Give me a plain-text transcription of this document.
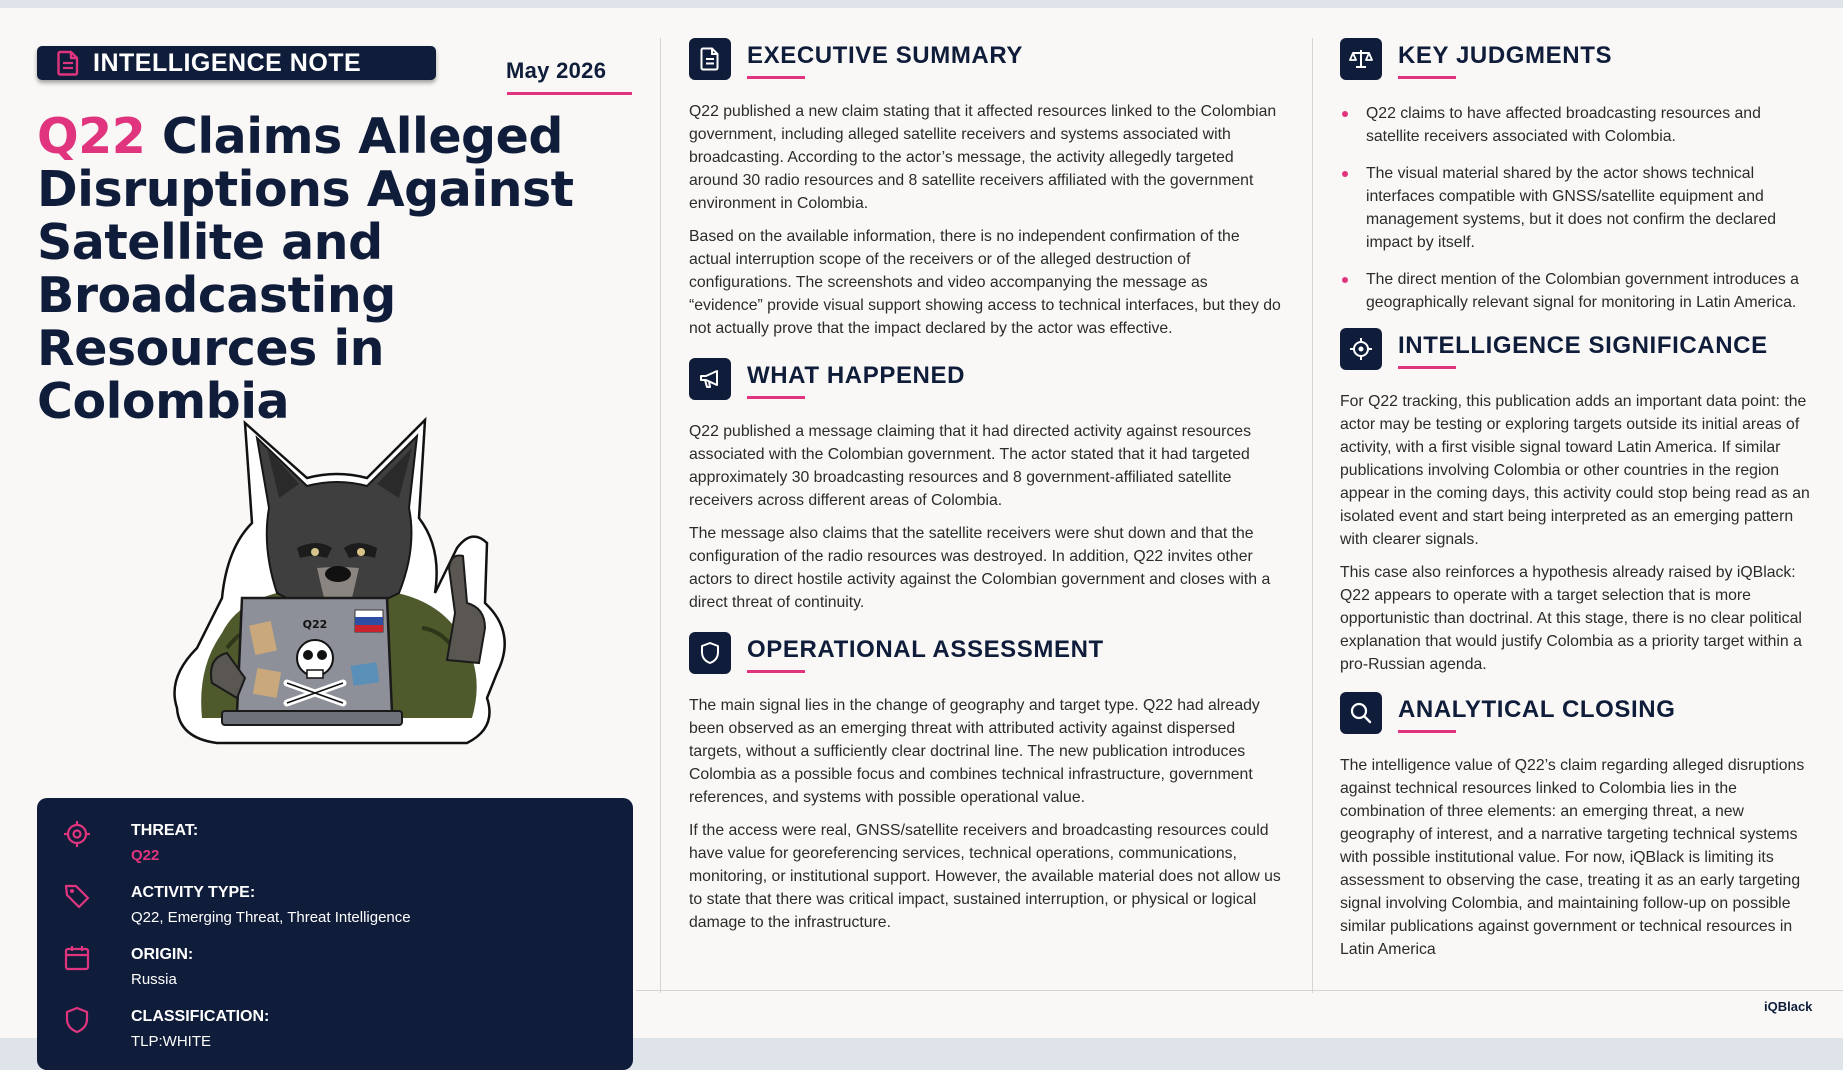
INTELLIGENCE NOTE	May 2026
Q22 Claims Alleged Disruptions Against Satellite and Broadcasting Resources in Colombia
Q22
THREAT:
Q22
ACTIVITY TYPE:
Q22, Emerging Threat, Threat Intelligence
ORIGIN:
Russia
CLASSIFICATION:
TLP:WHITE
EXECUTIVE SUMMARY

Q22 published a new claim stating that it affected resources linked to the Colombian government, including alleged satellite receivers and systems associated with broadcasting. According to the actor’s message, the activity allegedly targeted around 30 radio resources and 8 satellite receivers affiliated with the government environment in Colombia.

Based on the available information, there is no independent confirmation of the actual interruption scope of the receivers or of the alleged destruction of configurations. The screenshots and video accompanying the message as “evidence” provide visual support showing access to technical interfaces, but they do not actually prove that the impact declared by the actor was effective.

WHAT HAPPENED

Q22 published a message claiming that it had directed activity against resources associated with the Colombian government. The actor stated that it had targeted approximately 30 broadcasting resources and 8 government-affiliated satellite receivers across different areas of Colombia.

The message also claims that the satellite receivers were shut down and that the configuration of the radio resources was destroyed. In addition, Q22 invites other actors to direct hostile activity against the Colombian government and closes with a direct threat of continuity.

OPERATIONAL ASSESSMENT

The main signal lies in the change of geography and target type. Q22 had already been observed as an emerging threat with attributed activity against dispersed targets, without a sufficiently clear doctrinal line. The new publication introduces Colombia as a possible focus and combines technical infrastructure, government references, and systems with possible operational value.

If the access were real, GNSS/satellite receivers and broadcasting resources could have value for georeferencing services, technical operations, communications, monitoring, or institutional support. However, the available material does not allow us to state that there was critical impact, sustained interruption, or physical or logical damage to the infrastructure.

KEY JUDGMENTS
Q22 claims to have affected broadcasting resources and satellite receivers associated with Colombia.
The visual material shared by the actor shows technical interfaces compatible with GNSS/satellite equipment and management systems, but it does not confirm the declared impact by itself.
The direct mention of the Colombian government introduces a geographically relevant signal for monitoring in Latin America.
INTELLIGENCE SIGNIFICANCE

For Q22 tracking, this publication adds an important data point: the actor may be testing or exploring targets outside its initial areas of activity, with a first visible signal toward Latin America. If similar publications involving Colombia or other countries in the region appear in the coming days, this activity could stop being read as an isolated event and start being interpreted as an emerging pattern with clearer signals.

This case also reinforces a hypothesis already raised by iQBlack: Q22 appears to operate with a target selection that is more opportunistic than doctrinal. At this stage, there is no clear political explanation that would justify Colombia as a priority target within a pro-Russian agenda.

ANALYTICAL CLOSING

The intelligence value of Q22’s claim regarding alleged disruptions against technical resources linked to Colombia lies in the combination of three elements: an emerging threat, a new geography of interest, and a narrative targeting technical systems with possible institutional value. For now, iQBlack is limiting its assessment to observing the case, treating it as an early targeting signal involving Colombia, and maintaining follow-up on possible similar publications against government or technical resources in Latin America

iQBlack
